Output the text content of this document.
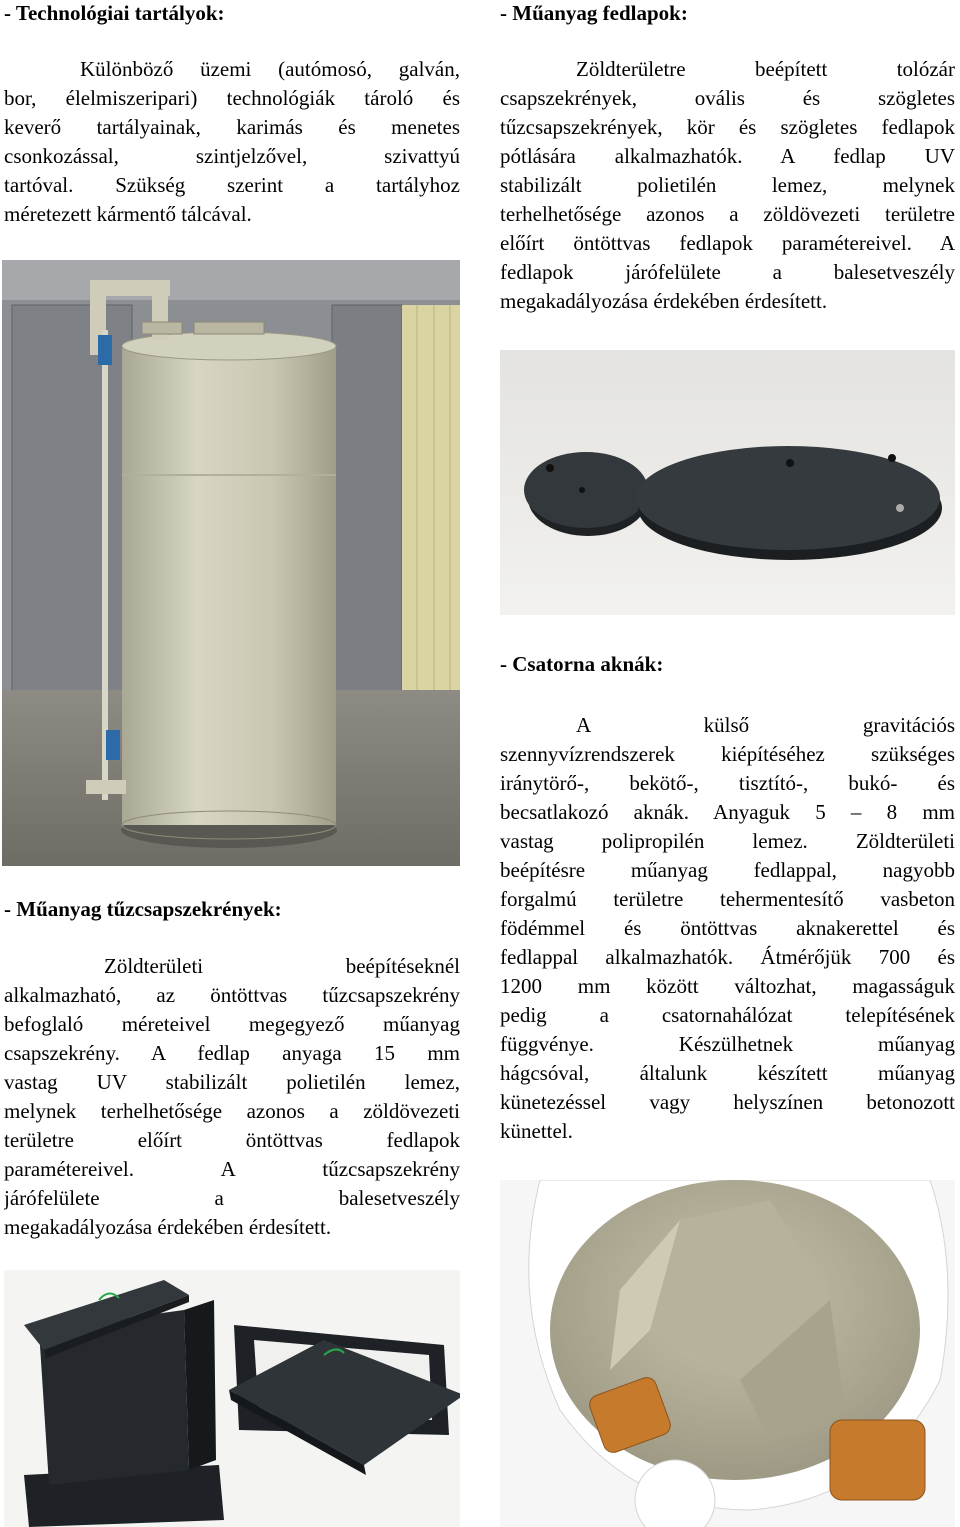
- Technológiai tartályok:
Különböző üzemi (autómosó, galván,
bor, élelmiszeripari) technológiák tároló és
keverő tartályainak, karimás és menetes
csonkozással, szintjelzővel, szivattyú
tartóval. Szükség szerint a tartályhoz
méretezett kármentő tálcával.
- Műanyag fedlapok:
Zöldterületre beépített tolózár
csapszekrények, ovális és szögletes
tűzcsapszekrények, kör és szögletes fedlapok
pótlására alkalmazhatók. A fedlap UV
stabilizált polietilén lemez, melynek
terhelhetősége azonos a zöldövezeti területre
előírt öntöttvas fedlapok paramétereivel. A
fedlapok járófelülete a balesetveszély
megakadályozása érdekében érdesített.
- Csatorna aknák:
A külső gravitációs
szennyvízrendszerek kiépítéséhez szükséges
iránytörő-, bekötő-, tisztító-, bukó- és
becsatlakozó aknák. Anyaguk 5 – 8 mm
vastag polipropilén lemez. Zöldterületi
beépítésre műanyag fedlappal, nagyobb
forgalmú területre tehermentesítő vasbeton
födémmel és öntöttvas aknakerettel és
fedlappal alkalmazhatók. Átmérőjük 700 és
1200 mm között változhat, magasságuk
pedig a csatornahálózat telepítésének
függvénye. Készülhetnek műanyag
hágcsóval, általunk készített műanyag
künetezéssel vagy helyszínen betonozott
künettel.
- Műanyag tűzcsapszekrények:
Zöldterületi beépítéseknél
alkalmazható, az öntöttvas tűzcsapszekrény
befoglaló méreteivel megegyező műanyag
csapszekrény. A fedlap anyaga 15 mm
vastag UV stabilizált polietilén lemez,
melynek terhelhetősége azonos a zöldövezeti
területre előírt öntöttvas fedlapok
paramétereivel. A tűzcsapszekrény
járófelülete a balesetveszély
megakadályozása érdekében érdesített.
